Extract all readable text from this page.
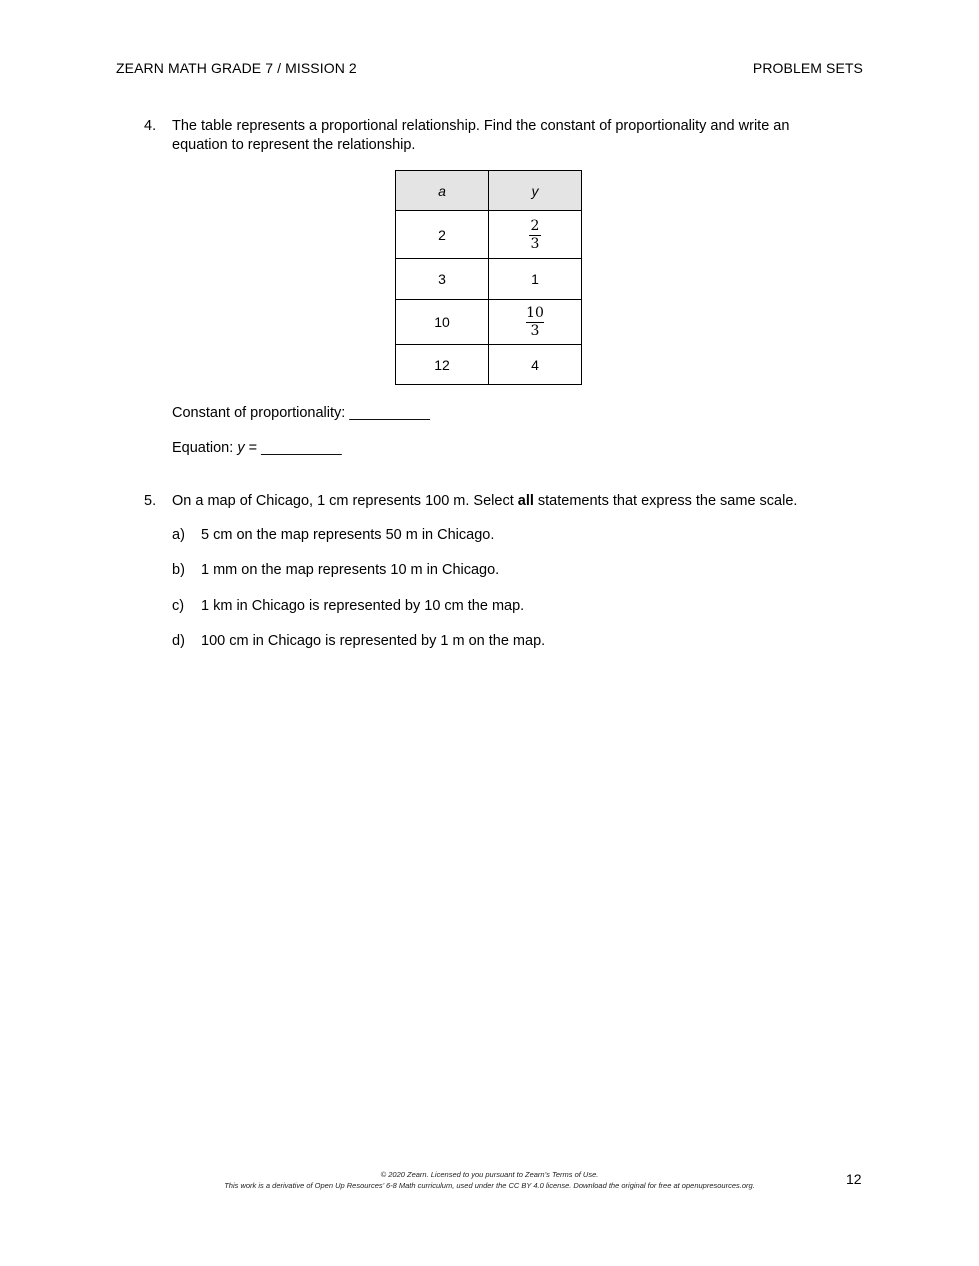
ZEARN MATH GRADE 7 / MISSION 2	PROBLEM SETS
4. The table represents a proportional relationship. Find the constant of proportionality and write an
equation to represent the relationship.
a	y
2	$\frac{2}{3}$

3	1
10	$\frac{10}{3}$

12	4
Constant of proportionality: __________
Equation: y = __________
5. On a map of Chicago, 1 cm represents 100 m. Select all statements that express the same scale.
a) 5 cm on the map represents 50 m in Chicago.
b) 1 mm on the map represents 10 m in Chicago.
c) 1 km in Chicago is represented by 10 cm the map.
d) 100 cm in Chicago is represented by 1 m on the map.
© 2020 Zearn. Licensed to you pursuant to Zearn’s Terms of Use.
This work is a derivative of Open Up Resources’ 6-8 Math curriculum, used under the CC BY 4.0 license. Download the original for free at openupresources.org.	12
